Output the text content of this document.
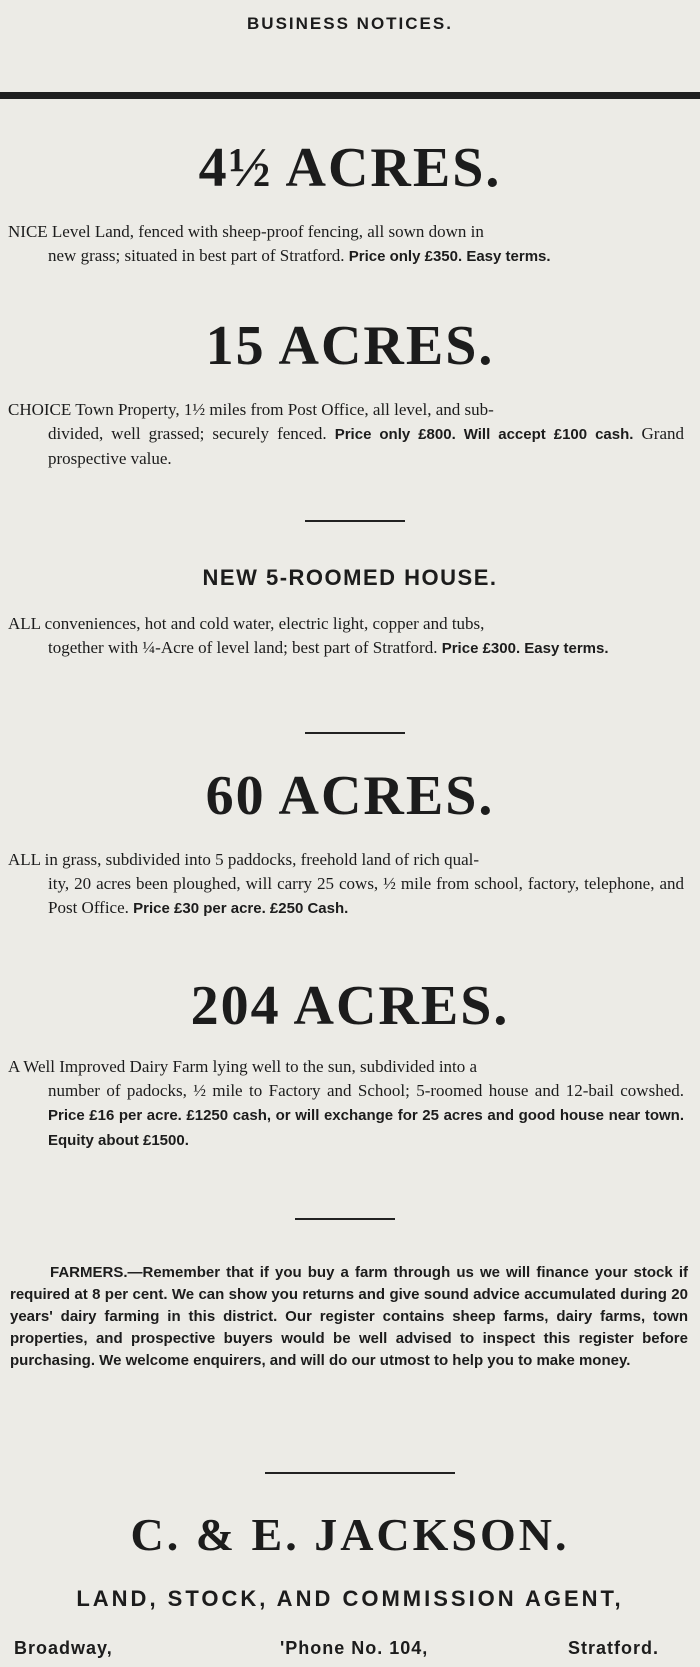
BUSINESS NOTICES.
4½ ACRES.
NICE Level Land, fenced with sheep-proof fencing, all sown down in
new grass; situated in best part of Stratford. Price only £350. Easy terms.
15 ACRES.
CHOICE Town Property, 1½ miles from Post Office, all level, and sub-
divided, well grassed; securely fenced. Price only £800. Will accept £100 cash. Grand prospective value.
NEW 5-ROOMED HOUSE.
ALL conveniences, hot and cold water, electric light, copper and tubs,
together with ¼-Acre of level land; best part of Stratford. Price £300. Easy terms.
60 ACRES.
ALL in grass, subdivided into 5 paddocks, freehold land of rich qual-
ity, 20 acres been ploughed, will carry 25 cows, ½ mile from school, factory, telephone, and Post Office. Price £30 per acre. £250 Cash.
204 ACRES.
A Well Improved Dairy Farm lying well to the sun, subdivided into a
number of padocks, ½ mile to Factory and School; 5-roomed house and 12-bail cowshed. Price £16 per acre. £1250 cash, or will exchange for 25 acres and good house near town. Equity about £1500.
FARMERS.—Remember that if you buy a farm through us we will finance your stock if required at 8 per cent. We can show you returns and give sound advice accumulated during 20 years' dairy farming in this district. Our register contains sheep farms, dairy farms, town properties, and prospective buyers would be well advised to inspect this register before purchasing. We welcome enquirers, and will do our utmost to help you to make money.
C. & E. JACKSON.
LAND, STOCK, AND COMMISSION AGENT,
Broadway,	'Phone No. 104,	Stratford.
